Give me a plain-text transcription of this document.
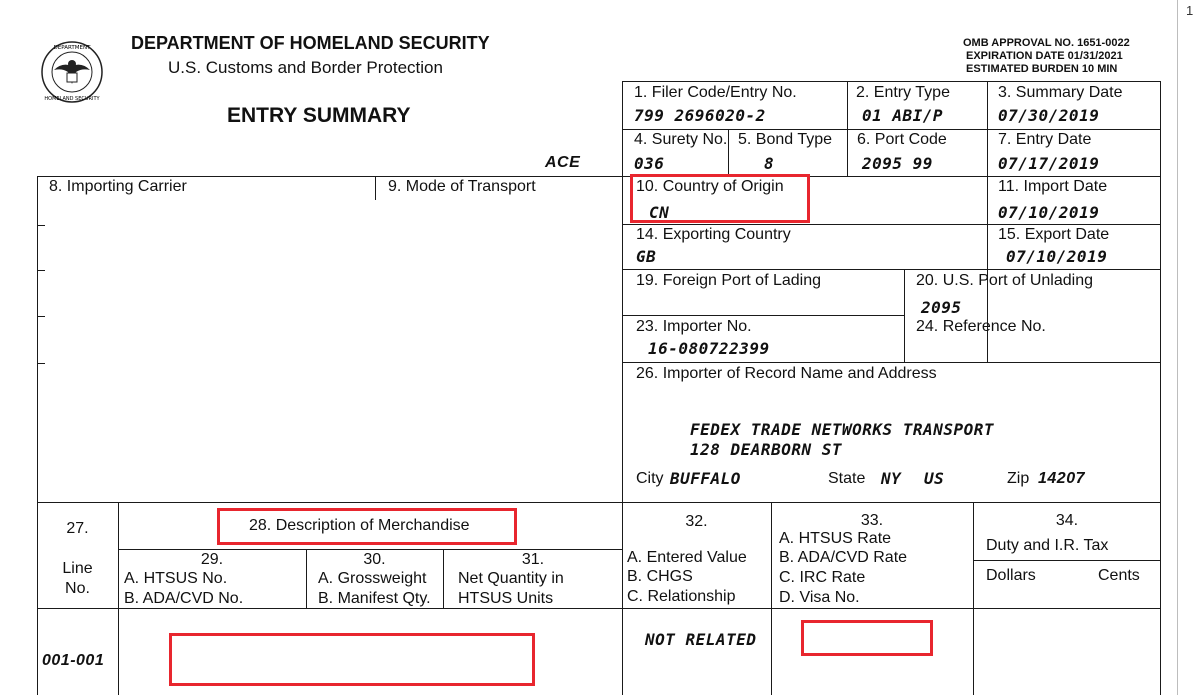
1
DEPARTMENT
HOMELAND SECURITY
DEPARTMENT OF HOMELAND SECURITY
U.S. Customs and Border Protection
ENTRY SUMMARY
ACE
OMB APPROVAL NO. 1651-0022
EXPIRATION DATE 01/31/2021
ESTIMATED BURDEN 10 MIN
1. Filer Code/Entry No.
799 2696020-2
2. Entry Type
01 ABI/P
3. Summary Date
07/30/2019
4. Surety No.
036
5. Bond Type
8
6. Port Code
2095 99
7. Entry Date
07/17/2019
8. Importing Carrier	9. Mode of Transport	10. Country of Origin
CN
11. Import Date
07/10/2019
14. Exporting Country
GB
15. Export Date
07/10/2019
19. Foreign Port of Lading	20. U.S. Port of Unlading
2095
23. Importer No.
16-080722399
24. Reference No.
26. Importer of Record Name and Address
FEDEX TRADE NETWORKS TRANSPORT
128 DEARBORN ST
City BUFFALO	State NY US	Zip 14207
27.	28. Description of Merchandise
Line
No.
29.
A. HTSUS No.
B. ADA/CVD No.
30.
A. Grossweight
B. Manifest Qty.
31.
Net Quantity in
HTSUS Units
32.
A. Entered Value
B. CHGS
C. Relationship
33.
A. HTSUS Rate
B. ADA/CVD Rate
C. IRC Rate
D. Visa No.
34.
Duty and I.R. Tax
Dollars	Cents
001-001
NOT RELATED
